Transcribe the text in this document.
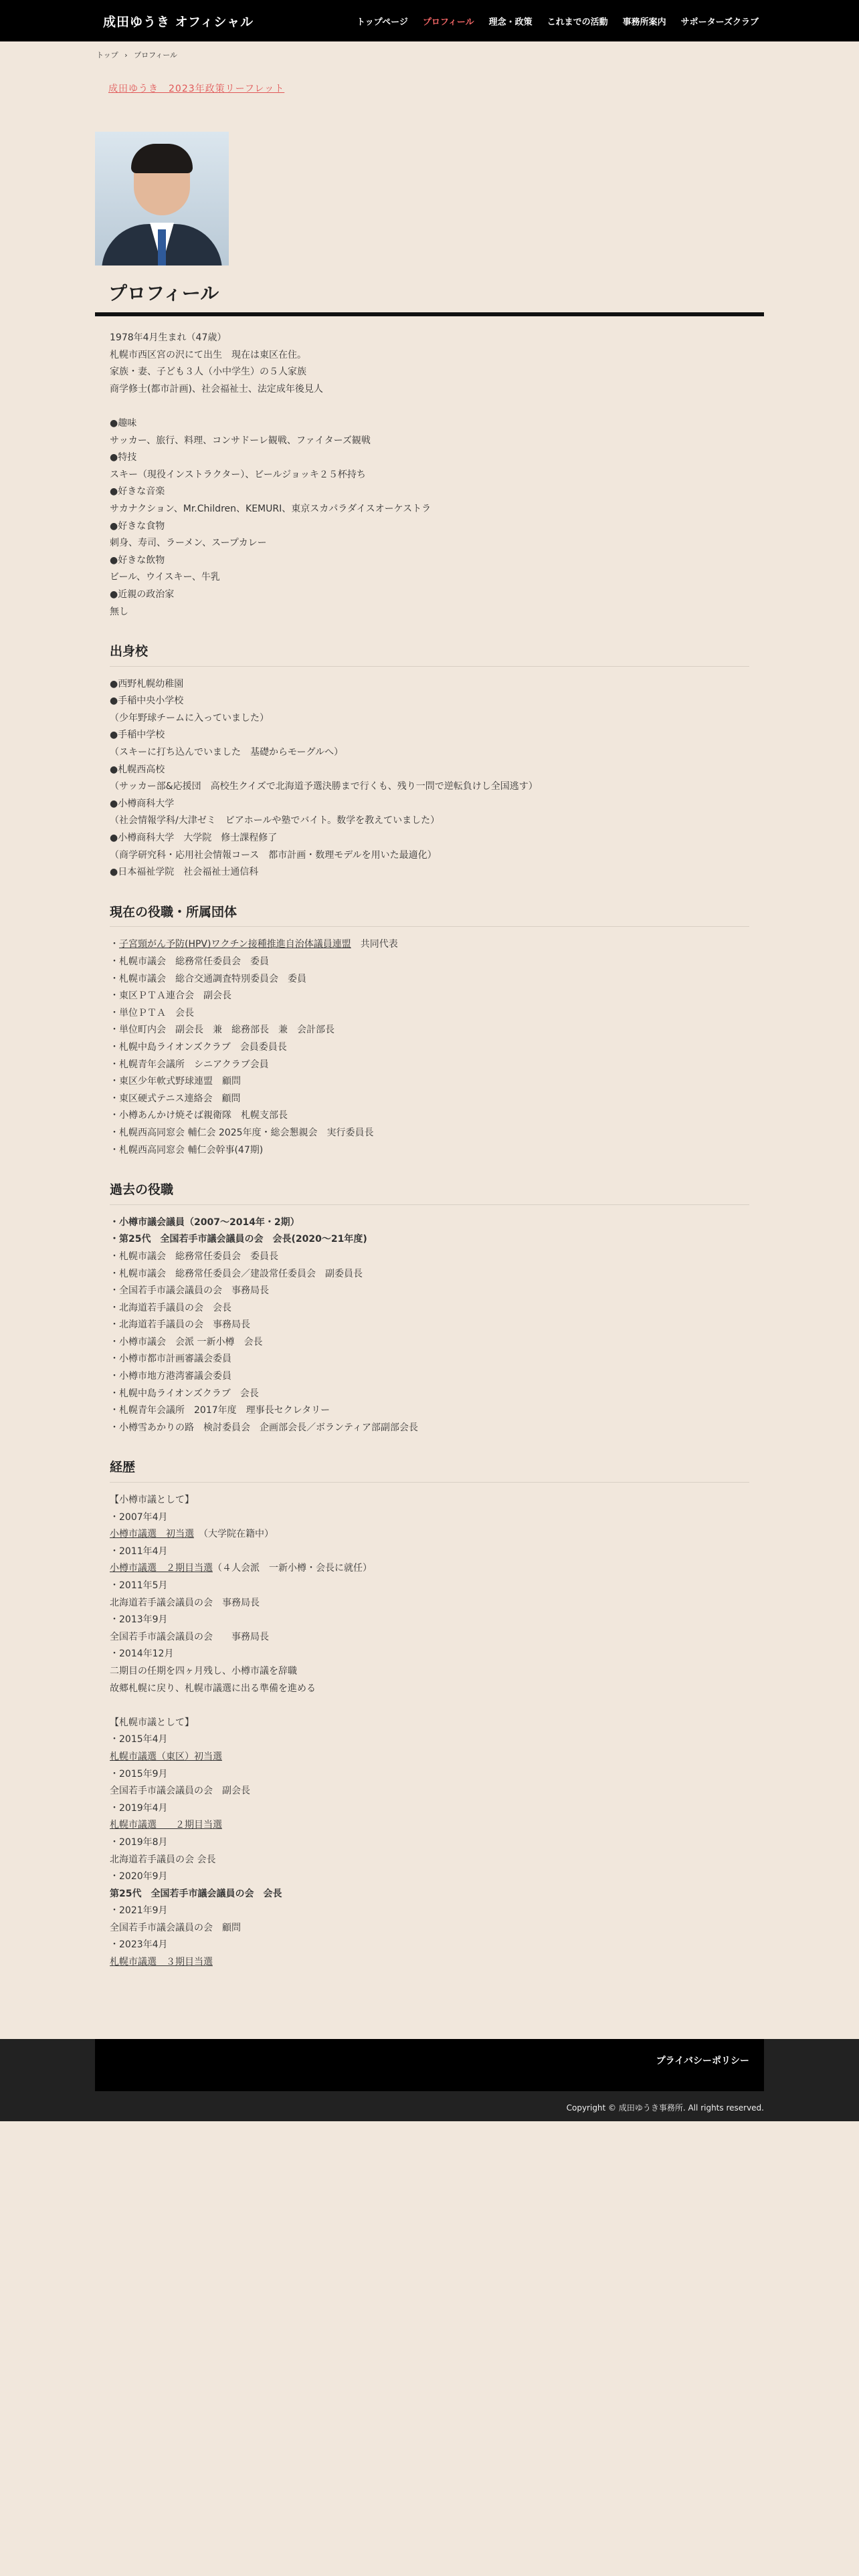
成田ゆうき オフィシャル	トップページ プロフィール 理念・政策 これまでの活動 事務所案内 サポーターズクラブ
トップ › プロフィール
成田ゆうき　2023年政策リーフレット
プロフィール
1978年4月生まれ（47歳）
札幌市西区宮の沢にて出生　現在は東区在住。
家族・妻、子ども３人（小中学生）の５人家族
商学修士(都市計画)、社会福祉士、法定成年後見人
●趣味
サッカー、旅行、料理、コンサドーレ観戦、ファイターズ観戦
●特技
スキー（現役インストラクター）、ビールジョッキ２５杯持ち
●好きな音楽
サカナクション、Mr.Children、KEMURI、東京スカパラダイスオーケストラ
●好きな食物
刺身、寿司、ラーメン、スープカレー
●好きな飲物
ビール、ウイスキー、牛乳
●近親の政治家
無し
出身校
●西野札幌幼稚園
●手稲中央小学校
（少年野球チームに入っていました）
●手稲中学校
（スキーに打ち込んでいました　基礎からモーグルへ）
●札幌西高校
（サッカー部&応援団　高校生クイズで北海道予選決勝まで行くも、残り一問で逆転負けし全国逃す）
●小樽商科大学
（社会情報学科/大津ゼミ　ビアホールや塾でバイト。数学を教えていました）
●小樽商科大学　大学院　修士課程修了
（商学研究科・応用社会情報コース　都市計画・数理モデルを用いた最適化）
●日本福祉学院　社会福祉士通信科
現在の役職・所属団体
・子宮頸がん予防(HPV)ワクチン接種推進自治体議員連盟　共同代表
・札幌市議会　総務常任委員会　委員
・札幌市議会　総合交通調査特別委員会　委員
・東区ＰＴＡ連合会　副会長
・単位ＰＴＡ　会長
・単位町内会　副会長　兼　総務部長　兼　会計部長
・札幌中島ライオンズクラブ　会員委員長
・札幌青年会議所　シニアクラブ会員
・東区少年軟式野球連盟　顧問
・東区硬式テニス連絡会　顧問
・小樽あんかけ焼そば親衛隊　札幌支部長
・札幌西高同窓会 輔仁会 2025年度・総会懇親会　実行委員長
・札幌西高同窓会 輔仁会幹事(47期)
過去の役職
・小樽市議会議員（2007〜2014年・2期）
・第25代　全国若手市議会議員の会　会長(2020〜21年度)
・札幌市議会　総務常任委員会　委員長
・札幌市議会　総務常任委員会／建設常任委員会　副委員長
・全国若手市議会議員の会　事務局長
・北海道若手議員の会　会長
・北海道若手議員の会　事務局長
・小樽市議会　会派 一新小樽　会長
・小樽市都市計画審議会委員
・小樽市地方港湾審議会委員
・札幌中島ライオンズクラブ　会長
・札幌青年会議所　2017年度　理事長セクレタリー
・小樽雪あかりの路　検討委員会　企画部会長／ボランティア部副部会長
経歴
【小樽市議として】
・2007年4月
小樽市議選　初当選　（大学院在籍中）
・2011年4月
小樽市議選　２期目当選（４人会派　一新小樽・会長に就任）
・2011年5月
北海道若手議会議員の会　事務局長
・2013年9月
全国若手市議会議員の会　　事務局長
・2014年12月
二期目の任期を四ヶ月残し、小樽市議を辞職
故郷札幌に戻り、札幌市議選に出る準備を進める
【札幌市議として】
・2015年4月
札幌市議選（東区）初当選
・2015年9月
全国若手市議会議員の会　副会長
・2019年4月
札幌市議選　　２期目当選
・2019年8月
北海道若手議員の会 会長
・2020年9月
第25代　全国若手市議会議員の会　会長
・2021年9月
全国若手市議会議員の会　顧問
・2023年4月
札幌市議選　３期目当選
プライバシーポリシー
Copyright © 成田ゆうき事務所. All rights reserved.
